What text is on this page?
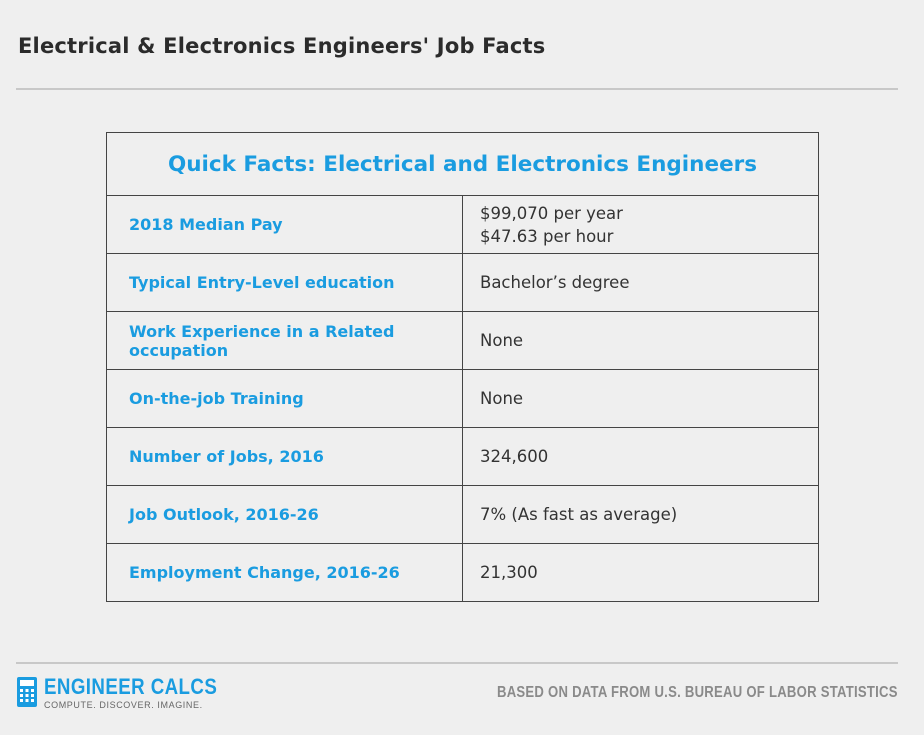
Electrical & Electronics Engineers' Job Facts
Quick Facts: Electrical and Electronics Engineers	
2018 Median Pay	$99,070 per year
$47.63 per hour

Typical Entry-Level education	Bachelor’s degree
Work Experience in a Related occupation	None
On-the-job Training	None
Number of Jobs, 2016	324,600
Job Outlook, 2016-26	7% (As fast as average)
Employment Change, 2016-26	21,300
ENGINEER CALCS
COMPUTE. DISCOVER. IMAGINE.
BASED ON DATA FROM U.S. BUREAU OF LABOR STATISTICS
